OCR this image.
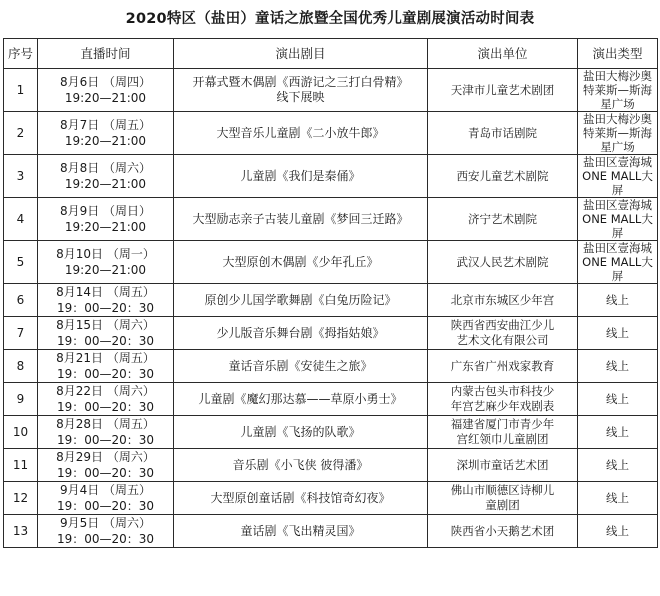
2020特区（盐田）童话之旅暨全国优秀儿童剧展演活动时间表
序号	直播时间	演出剧目	演出单位	演出类型
1	8月6日 （周四）
19:20—21:00	开幕式暨木偶剧《西游记之三打白骨精》
线下展映	天津市儿童艺术剧团	盐田大梅沙奥
特莱斯—斯海
星广场

2	8月7日 （周五）
19:20—21:00	大型音乐儿童剧《二小放牛郎》	青岛市话剧院	盐田大梅沙奥
特莱斯—斯海
星广场

3	8月8日 （周六）
19:20—21:00	儿童剧《我们是秦俑》	西安儿童艺术剧院	盐田区壹海城
ONE MALL大屏

4	8月9日 （周日）
19:20—21:00	大型励志亲子古装儿童剧《梦回三迁路》	济宁艺术剧院	盐田区壹海城
ONE MALL大屏

5	8月10日 （周一）
19:20—21:00	大型原创木偶剧《少年孔丘》	武汉人民艺术剧院	盐田区壹海城
ONE MALL大屏

6	8月14日 （周五）
19：00—20：30	原创少儿国学歌舞剧《白兔历险记》	北京市东城区少年宫	线上

7	8月15日 （周六）
19：00—20：30	少儿版音乐舞台剧《拇指姑娘》	陕西省西安曲江少儿
艺术文化有限公司	线上

8	8月21日 （周五）
19：00—20：30	童话音乐剧《安徒生之旅》	广东省广州戏家教育	线上

9	8月22日 （周六）
19：00—20：30	儿童剧《魔幻那达慕——草原小勇士》	内蒙古包头市科技少
年宫艺麻少年戏剧表	线上

10	8月28日 （周五）
19：00—20：30	儿童剧《飞扬的队歌》	福建省厦门市青少年
宫红领巾儿童剧团	线上

11	8月29日 （周六）
19：00—20：30	音乐剧《小飞侠 彼得潘》	深圳市童话艺术团	线上

12	9月4日 （周五）
19：00—20：30	大型原创童话剧《科技馆奇幻夜》	佛山市顺德区诗柳儿
童剧团	线上

13	9月5日 （周六）
19：00—20：30	童话剧《飞出精灵国》	陕西省小天鹅艺术团	线上
